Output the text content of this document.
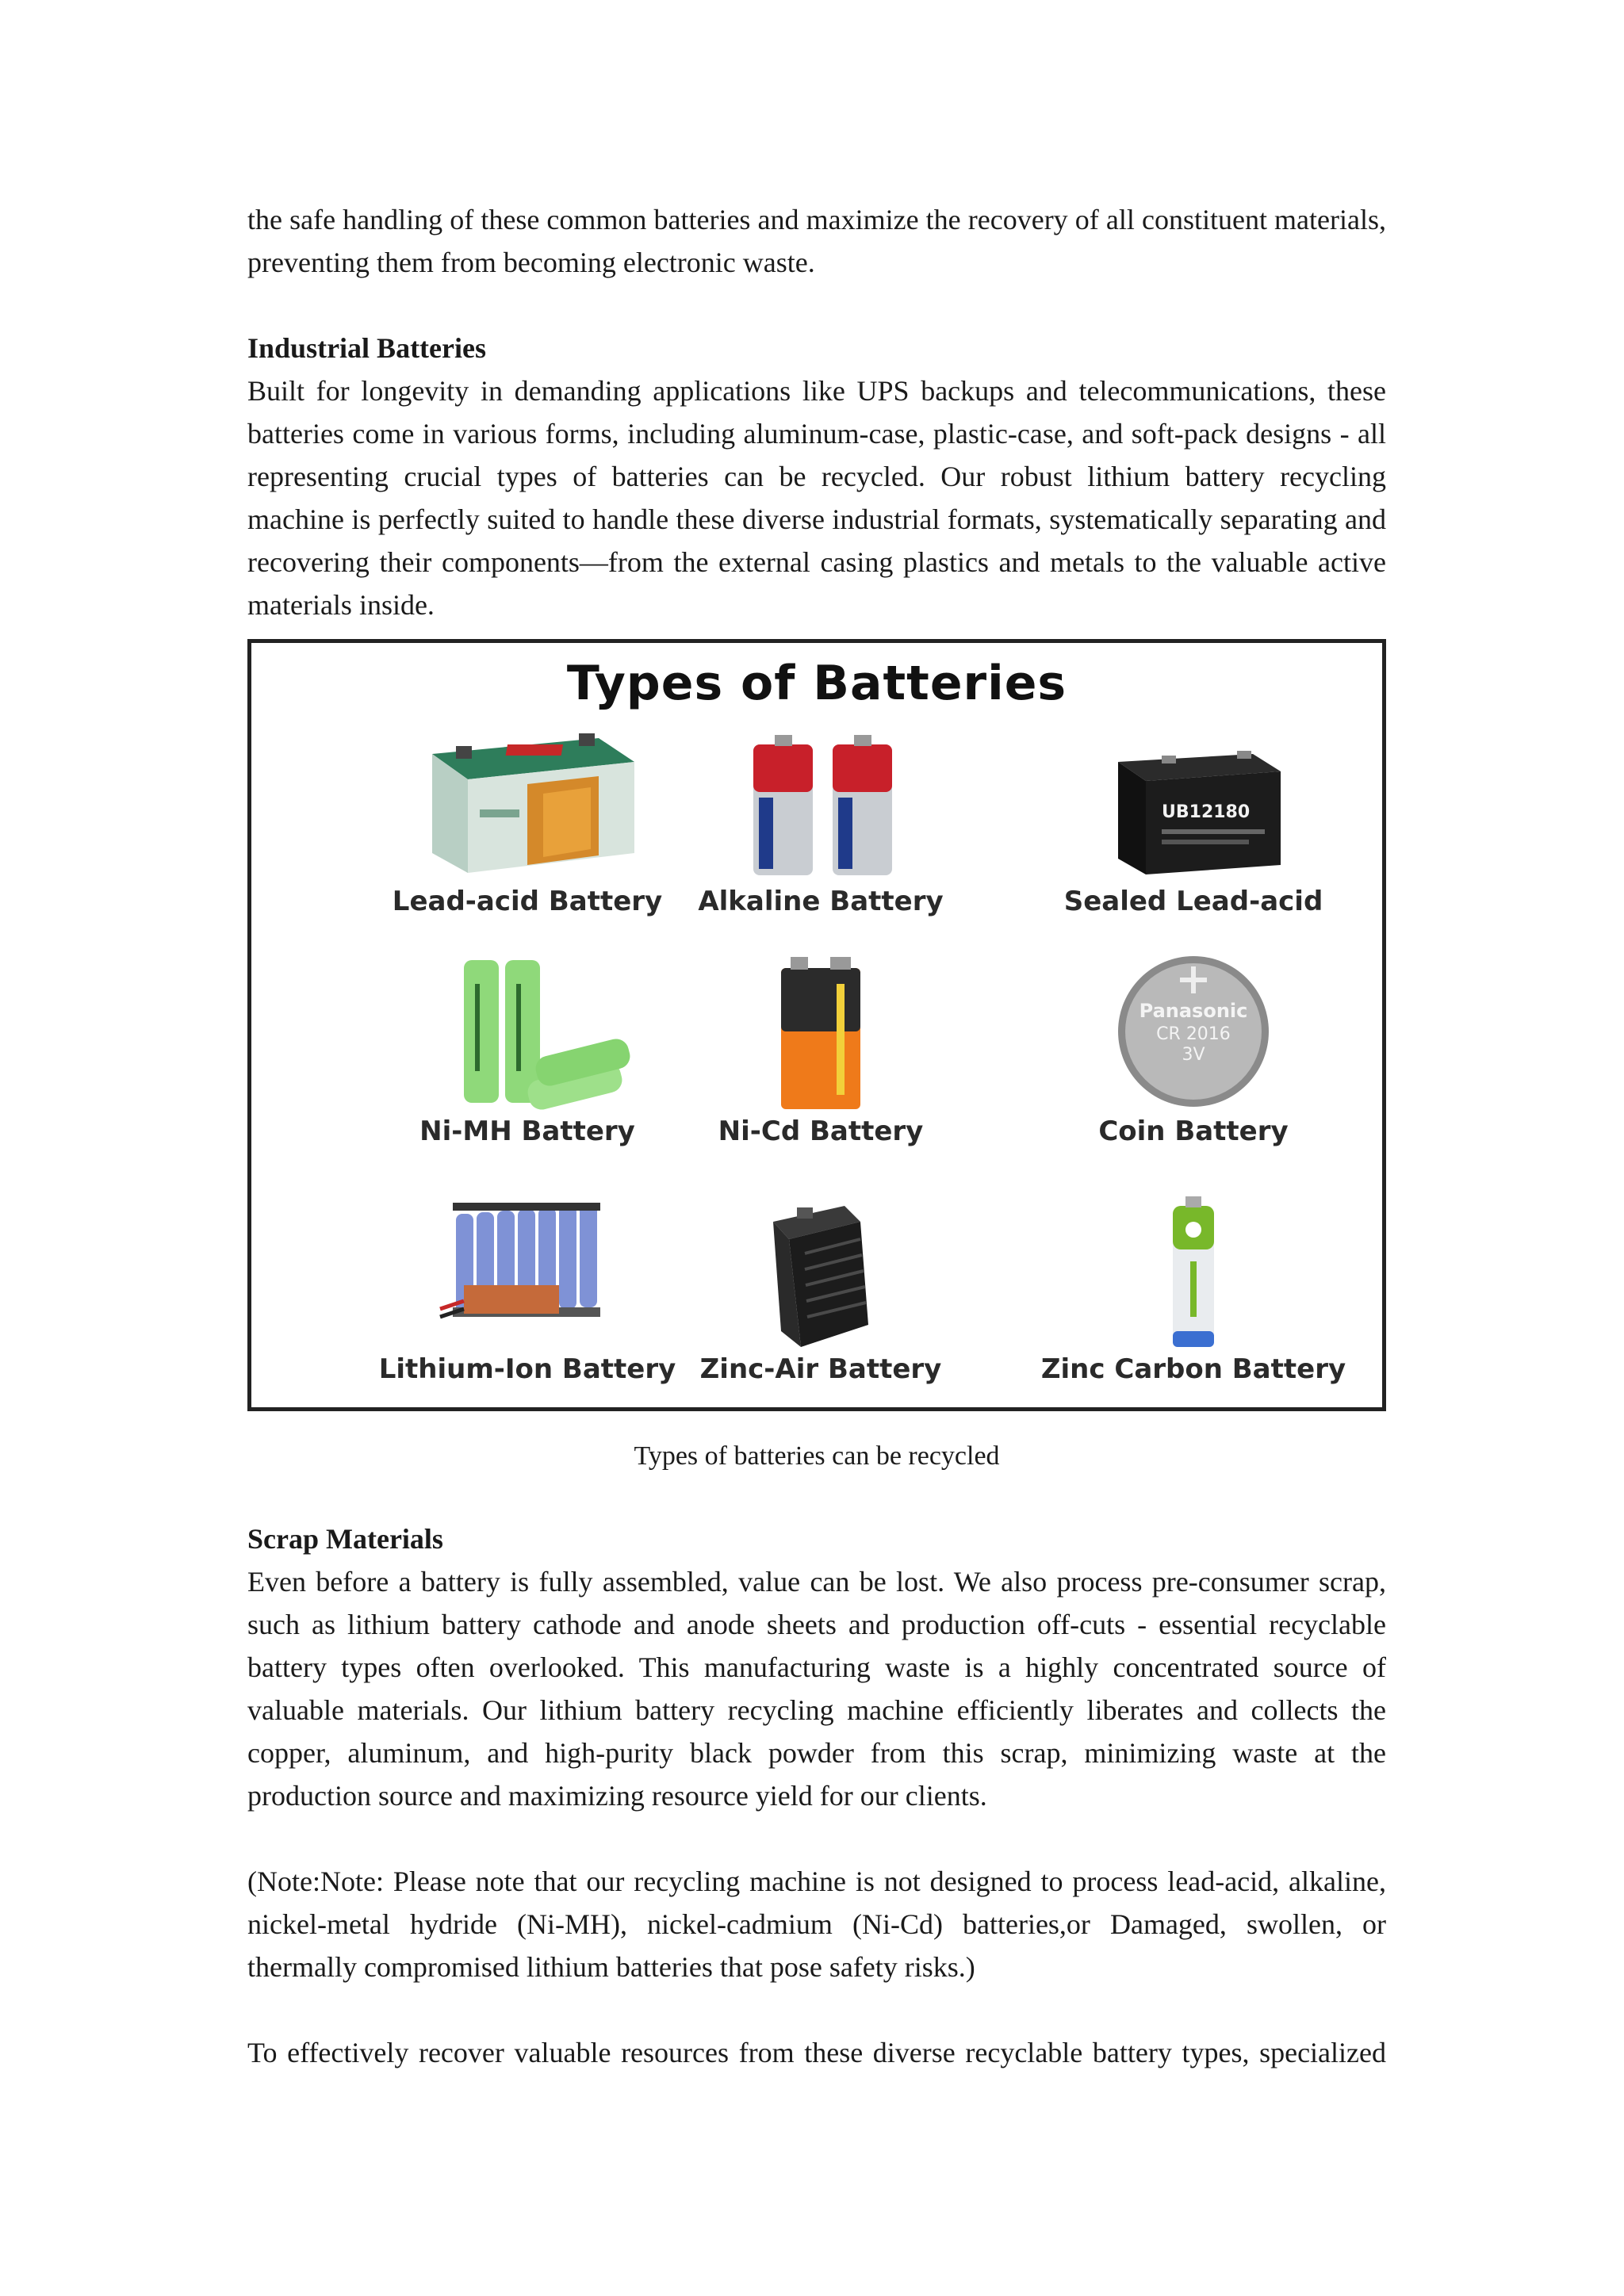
the safe handling of these common batteries and maximize the recovery of all constituent materials, preventing them from becoming electronic waste.

Industrial Batteries

Built for longevity in demanding applications like UPS backups and telecommunications, these batteries come in various forms, including aluminum-case, plastic-case, and soft-pack designs - all representing crucial types of batteries can be recycled. Our robust lithium battery recycling machine is perfectly suited to handle these diverse industrial formats, systematically separating and recovering their components—from the external casing plastics and metals to the valuable active materials inside.

Types of Batteries
Lead-acid Battery	Alkaline Battery
UB12180
Sealed Lead-acid
Ni-MH Battery	Ni-Cd Battery
Panasonic
CR 2016
3V
Coin Battery
Lithium-Ion Battery Zinc-Air Battery	Zinc Carbon Battery
Types of batteries can be recycled

Scrap Materials

Even before a battery is fully assembled, value can be lost. We also process pre-consumer scrap, such as lithium battery cathode and anode sheets and production off-cuts - essential recyclable battery types often overlooked. This manufacturing waste is a highly concentrated source of valuable materials. Our lithium battery recycling machine efficiently liberates and collects the copper, aluminum, and high-purity black powder from this scrap, minimizing waste at the production source and maximizing resource yield for our clients.

(Note:Note: Please note that our recycling machine is not designed to process lead-acid, alkaline, nickel-metal hydride (Ni-MH), nickel-cadmium (Ni-Cd) batteries,or Damaged, swollen, or thermally compromised lithium batteries that pose safety risks.)

To effectively recover valuable resources from these diverse recyclable battery types, specialized
